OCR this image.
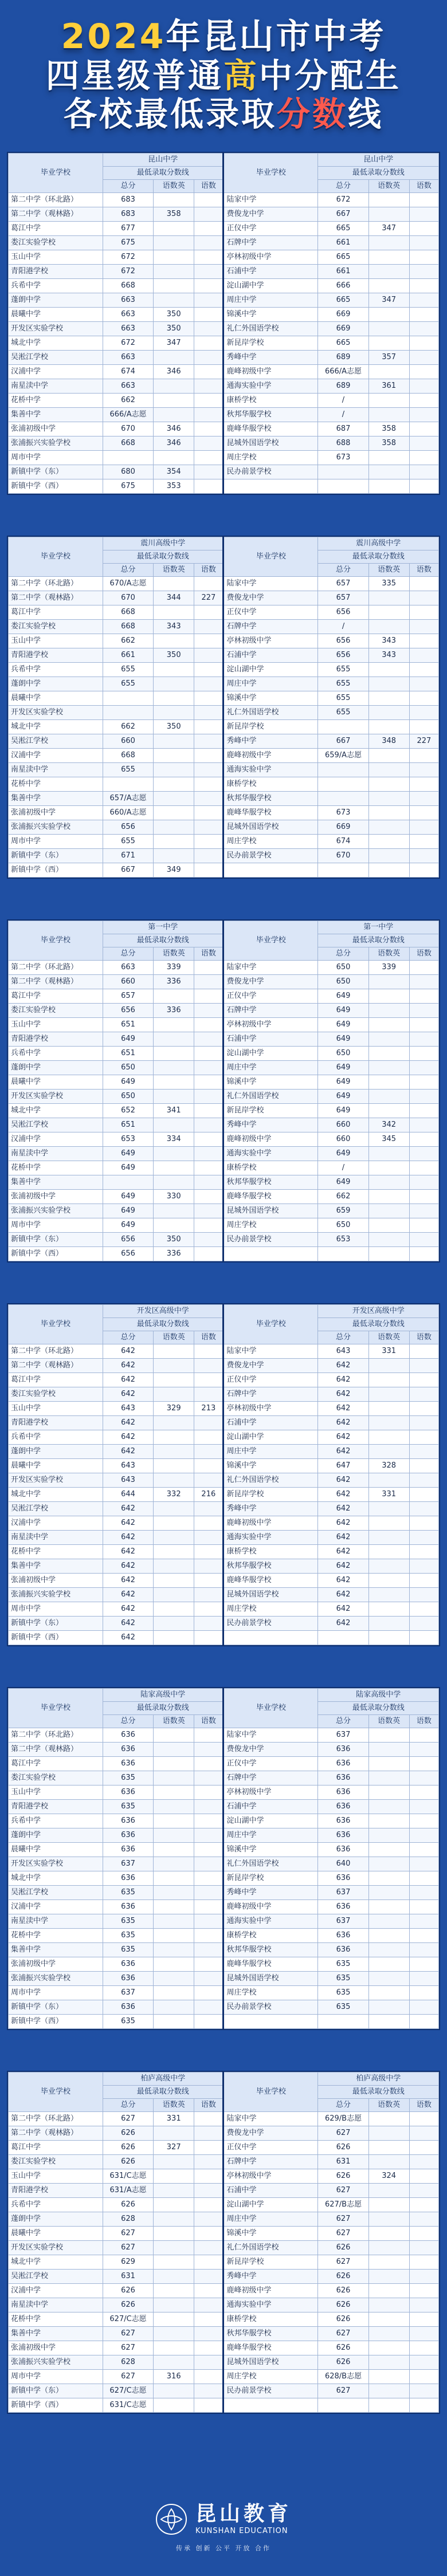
2024年昆山市中考

四星级普通高中分配生

各校最低录取分数线

毕业学校	昆山中学			毕业学校	昆山中学		
	最低录取分数线				最低录取分数线		
	总分	语数英	语数		总分	语数英	语数
第二中学（环北路）	683			陆家中学	672		
第二中学（观林路）	683	358		费俊龙中学	667		
葛江中学	677			正仪中学	665	347	
娄江实验学校	675			石牌中学	661		
玉山中学	672			亭林初级中学	665		
青阳港学校	672			石浦中学	661		
兵希中学	668			淀山湖中学	666		
蓬朗中学	663			周庄中学	665	347	
晨曦中学	663	350		锦溪中学	669		
开发区实验学校	663	350		礼仁外国语学校	669		
城北中学	672	347		新昆岸学校	665		
吴淞江学校	663			秀峰中学	689	357	
汉浦中学	674	346		鹿峰初级中学	666/A志愿		
南星渎中学	663			通海实验中学	689	361	
花桥中学	662			康桥学校	/		
集善中学	666/A志愿			秋邦华服学校	/		
张浦初级中学	670	346		鹿峰华服学校	687	358	
张浦振兴实验学校	668	346		昆城外国语学校	688	358	
周市中学				周庄学校	673		
新镇中学（东）	680	354		民办前景学校			
新镇中学（西）	675	353					
毕业学校	震川高级中学			毕业学校	震川高级中学		
	最低录取分数线				最低录取分数线		
	总分	语数英	语数		总分	语数英	语数
第二中学（环北路）	670/A志愿			陆家中学	657	335	
第二中学（观林路）	670	344	227	费俊龙中学	657		
葛江中学	668			正仪中学	656		
娄江实验学校	668	343		石牌中学	/		
玉山中学	662			亭林初级中学	656	343	
青阳港学校	661	350		石浦中学	656	343	
兵希中学	655			淀山湖中学	655		
蓬朗中学	655			周庄中学	655		
晨曦中学				锦溪中学	655		
开发区实验学校				礼仁外国语学校	655		
城北中学	662	350		新昆岸学校			
吴淞江学校	660			秀峰中学	667	348	227
汉浦中学	668			鹿峰初级中学	659/A志愿		
南星渎中学	655			通海实验中学			
花桥中学				康桥学校			
集善中学	657/A志愿			秋邦华服学校			
张浦初级中学	660/A志愿			鹿峰华服学校	673		
张浦振兴实验学校	656			昆城外国语学校	669		
周市中学	655			周庄学校	674		
新镇中学（东）	671			民办前景学校	670		
新镇中学（西）	667	349					
毕业学校	第一中学			毕业学校	第一中学		
	最低录取分数线				最低录取分数线		
	总分	语数英	语数		总分	语数英	语数
第二中学（环北路）	663	339		陆家中学	650	339	
第二中学（观林路）	660	336		费俊龙中学	650		
葛江中学	657			正仪中学	649		
娄江实验学校	656	336		石牌中学	649		
玉山中学	651			亭林初级中学	649		
青阳港学校	649			石浦中学	649		
兵希中学	651			淀山湖中学	650		
蓬朗中学	650			周庄中学	649		
晨曦中学	649			锦溪中学	649		
开发区实验学校	650			礼仁外国语学校	649		
城北中学	652	341		新昆岸学校	649		
吴淞江学校	651			秀峰中学	660	342	
汉浦中学	653	334		鹿峰初级中学	660	345	
南星渎中学	649			通海实验中学	649		
花桥中学	649			康桥学校	/		
集善中学				秋邦华服学校	649		
张浦初级中学	649	330		鹿峰华服学校	662		
张浦振兴实验学校	649			昆城外国语学校	659		
周市中学	649			周庄学校	650		
新镇中学（东）	656	350		民办前景学校	653		
新镇中学（西）	656	336					
毕业学校	开发区高级中学			毕业学校	开发区高级中学		
	最低录取分数线				最低录取分数线		
	总分	语数英	语数		总分	语数英	语数
第二中学（环北路）	642			陆家中学	643	331	
第二中学（观林路）	642			费俊龙中学	642		
葛江中学	642			正仪中学	642		
娄江实验学校	642			石牌中学	642		
玉山中学	643	329	213	亭林初级中学	642		
青阳港学校	642			石浦中学	642		
兵希中学	642			淀山湖中学	642		
蓬朗中学	642			周庄中学	642		
晨曦中学	643			锦溪中学	647	328	
开发区实验学校	643			礼仁外国语学校	642		
城北中学	644	332	216	新昆岸学校	642	331	
吴淞江学校	642			秀峰中学	642		
汉浦中学	642			鹿峰初级中学	642		
南星渎中学	642			通海实验中学	642		
花桥中学	642			康桥学校	642		
集善中学	642			秋邦华服学校	642		
张浦初级中学	642			鹿峰华服学校	642		
张浦振兴实验学校	642			昆城外国语学校	642		
周市中学	642			周庄学校	642		
新镇中学（东）	642			民办前景学校	642		
新镇中学（西）	642						
毕业学校	陆家高级中学			毕业学校	陆家高级中学		
	最低录取分数线				最低录取分数线		
	总分	语数英	语数		总分	语数英	语数
第二中学（环北路）	636			陆家中学	637		
第二中学（观林路）	636			费俊龙中学	636		
葛江中学	636			正仪中学	636		
娄江实验学校	635			石牌中学	636		
玉山中学	636			亭林初级中学	636		
青阳港学校	635			石浦中学	636		
兵希中学	636			淀山湖中学	636		
蓬朗中学	636			周庄中学	636		
晨曦中学	636			锦溪中学	636		
开发区实验学校	637			礼仁外国语学校	640		
城北中学	636			新昆岸学校	636		
吴淞江学校	635			秀峰中学	637		
汉浦中学	636			鹿峰初级中学	636		
南星渎中学	635			通海实验中学	637		
花桥中学	635			康桥学校	636		
集善中学	635			秋邦华服学校	636		
张浦初级中学	636			鹿峰华服学校	635		
张浦振兴实验学校	636			昆城外国语学校	635		
周市中学	637			周庄学校	635		
新镇中学（东）	636			民办前景学校	635		
新镇中学（西）	635						
毕业学校	柏庐高级中学			毕业学校	柏庐高级中学		
	最低录取分数线				最低录取分数线		
	总分	语数英	语数		总分	语数英	语数
第二中学（环北路）	627	331		陆家中学	629/B志愿		
第二中学（观林路）	626			费俊龙中学	627		
葛江中学	626	327		正仪中学	626		
娄江实验学校	626			石牌中学	631		
玉山中学	631/C志愿			亭林初级中学	626	324	
青阳港学校	631/A志愿			石浦中学	627		
兵希中学	626			淀山湖中学	627/B志愿		
蓬朗中学	628			周庄中学	627		
晨曦中学	627			锦溪中学	627		
开发区实验学校	627			礼仁外国语学校	626		
城北中学	629			新昆岸学校	627		
吴淞江学校	631			秀峰中学	626		
汉浦中学	626			鹿峰初级中学	626		
南星渎中学	626			通海实验中学	626		
花桥中学	627/C志愿			康桥学校	626		
集善中学	627			秋邦华服学校	627		
张浦初级中学	627			鹿峰华服学校	626		
张浦振兴实验学校	628			昆城外国语学校	626		
周市中学	627	316		周庄学校	628/B志愿		
新镇中学（东）	627/C志愿			民办前景学校	627		
新镇中学（西）	631/C志愿						
昆山教育
KUNSHAN EDUCATION
传承 创新 公平 开放 合作
